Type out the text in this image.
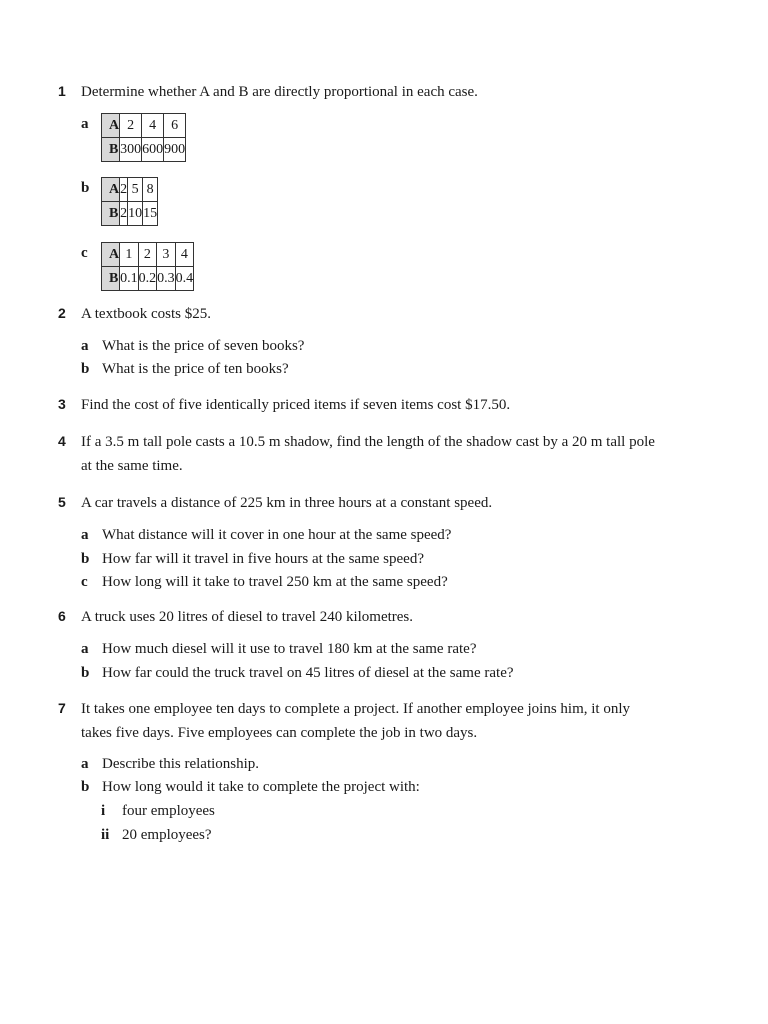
1 Determine whether A and B are directly proportional in each case.
a A	2	4	6
B	300	600	900
b A	2	5	8
B	2	10	15
c A	1	2	3	4
B	0.1	0.2	0.3	0.4
2 A textbook costs $25.
a What is the price of seven books?
b What is the price of ten books?
3 Find the cost of five identically priced items if seven items cost $17.50.
4 If a 3.5 m tall pole casts a 10.5 m shadow, find the length of the shadow cast by a 20 m tall pole
at the same time.
5 A car travels a distance of 225 km in three hours at a constant speed.
a What distance will it cover in one hour at the same speed?
b How far will it travel in five hours at the same speed?
c How long will it take to travel 250 km at the same speed?
6 A truck uses 20 litres of diesel to travel 240 kilometres.
a How much diesel will it use to travel 180 km at the same rate?
b How far could the truck travel on 45 litres of diesel at the same rate?
7 It takes one employee ten days to complete a project. If another employee joins him, it only
takes five days. Five employees can complete the job in two days.
a Describe this relationship.
b How long would it take to complete the project with:
i four employees
ii 20 employees?
